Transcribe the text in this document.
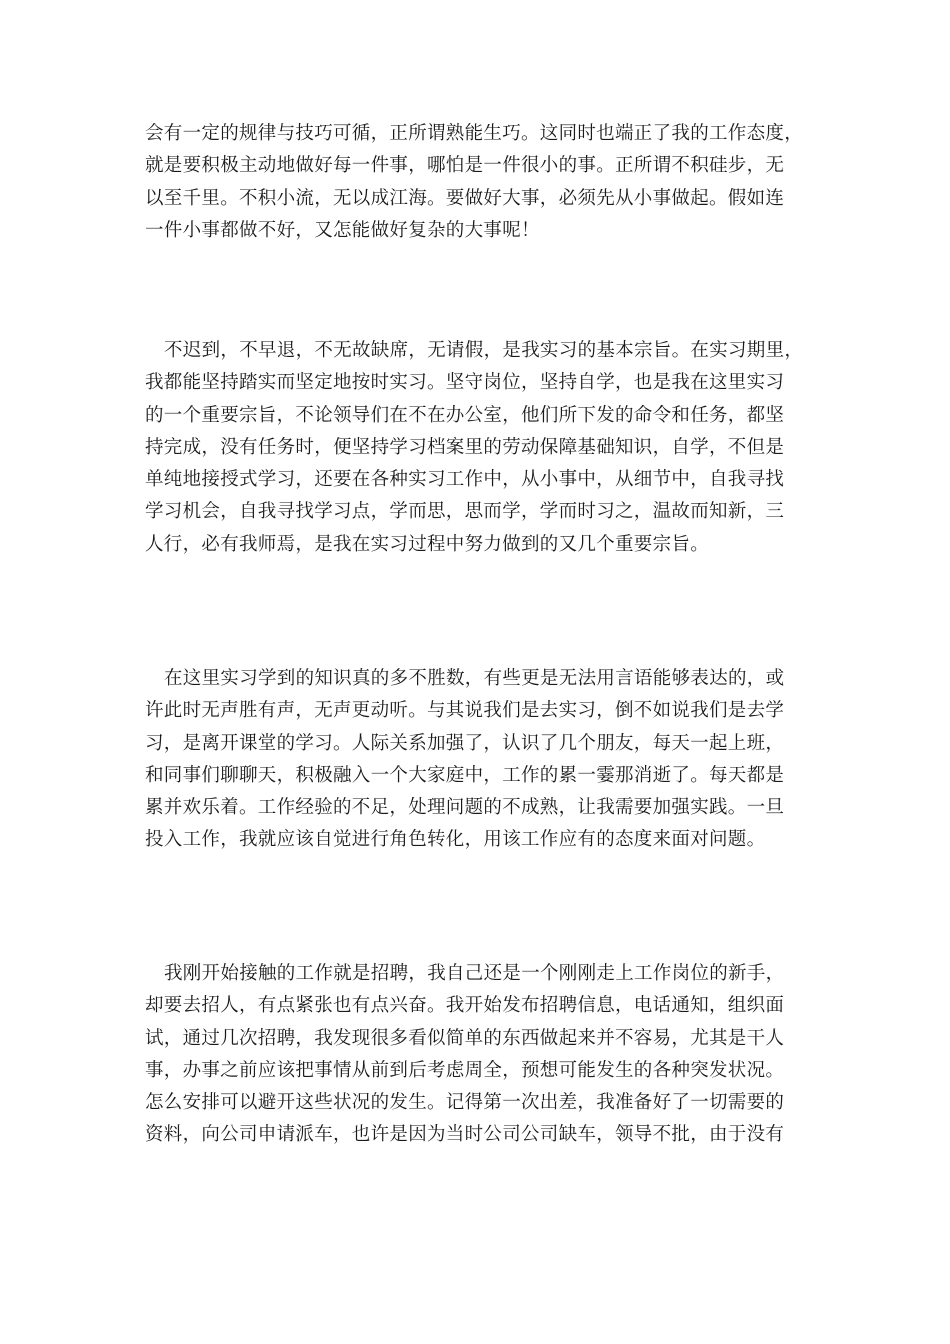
会有一定的规律与技巧可循，正所谓熟能生巧。这同时也端正了我的工作态度，
就是要积极主动地做好每一件事，哪怕是一件很小的事。正所谓不积硅步，无
以至千里。不积小流，无以成江海。要做好大事，必须先从小事做起。假如连
一件小事都做不好，又怎能做好复杂的大事呢！
不迟到，不早退，不无故缺席，无请假，是我实习的基本宗旨。在实习期里，
我都能坚持踏实而坚定地按时实习。坚守岗位，坚持自学，也是我在这里实习
的一个重要宗旨，不论领导们在不在办公室，他们所下发的命令和任务，都坚
持完成，没有任务时，便坚持学习档案里的劳动保障基础知识，自学，不但是
单纯地接授式学习，还要在各种实习工作中，从小事中，从细节中，自我寻找
学习机会，自我寻找学习点，学而思，思而学，学而时习之，温故而知新，三
人行，必有我师焉，是我在实习过程中努力做到的又几个重要宗旨。
在这里实习学到的知识真的多不胜数，有些更是无法用言语能够表达的，或
许此时无声胜有声，无声更动听。与其说我们是去实习，倒不如说我们是去学
习，是离开课堂的学习。人际关系加强了，认识了几个朋友，每天一起上班，
和同事们聊聊天，积极融入一个大家庭中，工作的累一霎那消逝了。每天都是
累并欢乐着。工作经验的不足，处理问题的不成熟，让我需要加强实践。一旦
投入工作，我就应该自觉进行角色转化，用该工作应有的态度来面对问题。
我刚开始接触的工作就是招聘，我自己还是一个刚刚走上工作岗位的新手，
却要去招人，有点紧张也有点兴奋。我开始发布招聘信息，电话通知，组织面
试，通过几次招聘，我发现很多看似简单的东西做起来并不容易，尤其是干人
事，办事之前应该把事情从前到后考虑周全，预想可能发生的各种突发状况。
怎么安排可以避开这些状况的发生。记得第一次出差，我准备好了一切需要的
资料，向公司申请派车，也许是因为当时公司公司缺车，领导不批，由于没有
